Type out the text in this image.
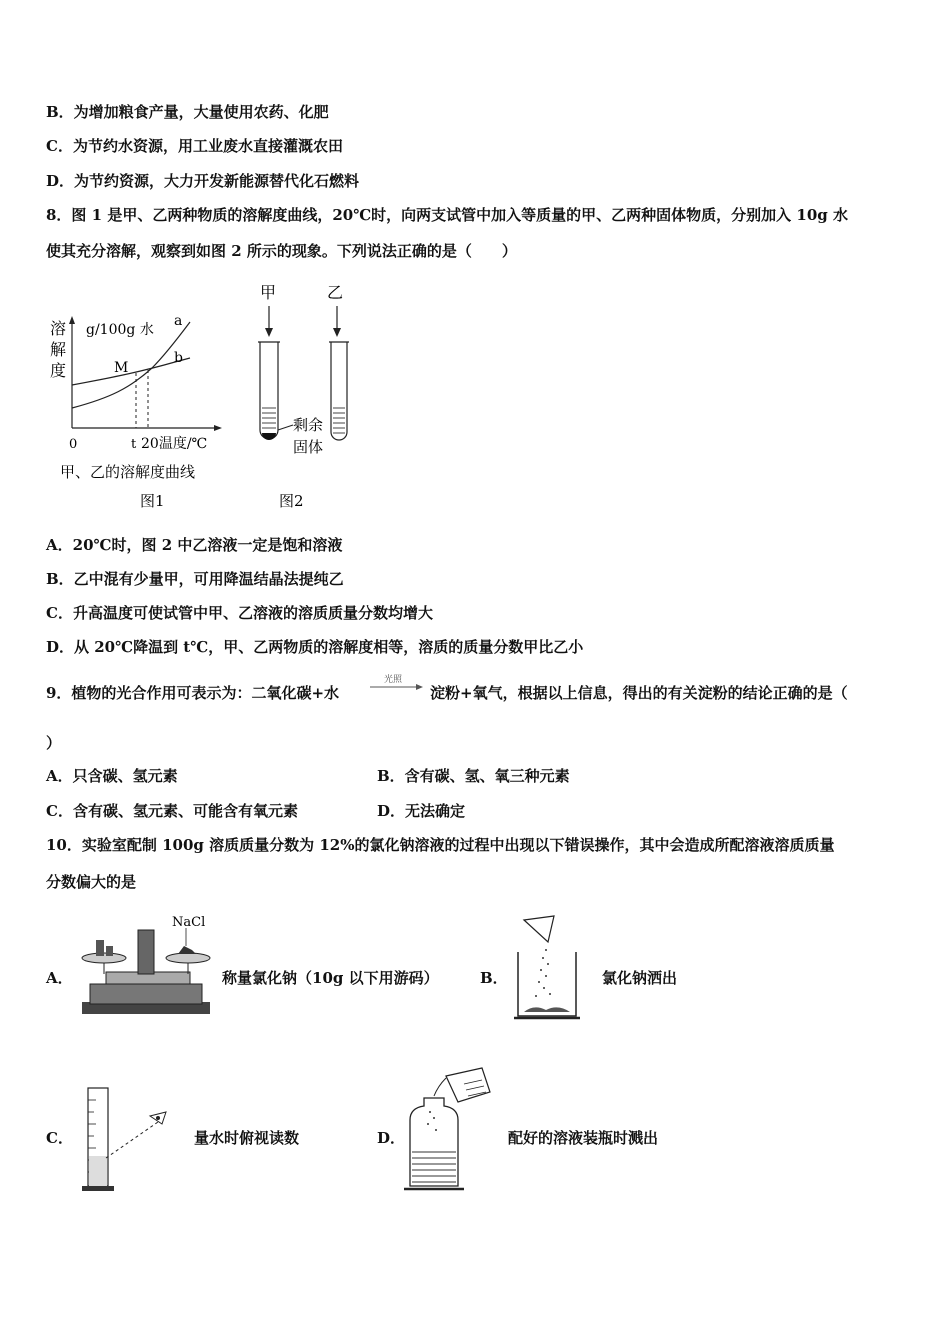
B．为增加粮食产量，大量使用农药、化肥
C．为节约水资源，用工业废水直接灌溉农田
D．为节约资源，大力开发新能源替代化石燃料
8．图 1 是甲、乙两种物质的溶解度曲线，20℃时，向两支试管中加入等质量的甲、乙两种固体物质，分别加入 10g 水
使其充分溶解，观察到如图 2 所示的现象。下列说法正确的是（　　）
溶
解
度
g/100g 水
a
b
M
0	t 20温度/℃
甲、乙的溶解度曲线
图1
甲	乙
剩余
固体
图2
A．20℃时，图 2 中乙溶液一定是饱和溶液
B．乙中混有少量甲，可用降温结晶法提纯乙
C．升高温度可使试管中甲、乙溶液的溶质质量分数均增大
D．从 20℃降温到 t℃，甲、乙两物质的溶解度相等，溶质的质量分数甲比乙小
9．植物的光合作用可表示为：二氧化碳+水
光照
淀粉+氧气，根据以上信息，得出的有关淀粉的结论正确的是（
）
A．只含碳、氢元素	B．含有碳、氢、氧三种元素
C．含有碳、氢元素、可能含有氧元素	D．无法确定
10．实验室配制 100g 溶质质量分数为 12%的氯化钠溶液的过程中出现以下错误操作，其中会造成所配溶液溶质质量
分数偏大的是
A．
NaCl
称量氯化钠（10g 以下用游码）	B．	氯化钠洒出
C．	量水时俯视读数	D．	配好的溶液装瓶时溅出
